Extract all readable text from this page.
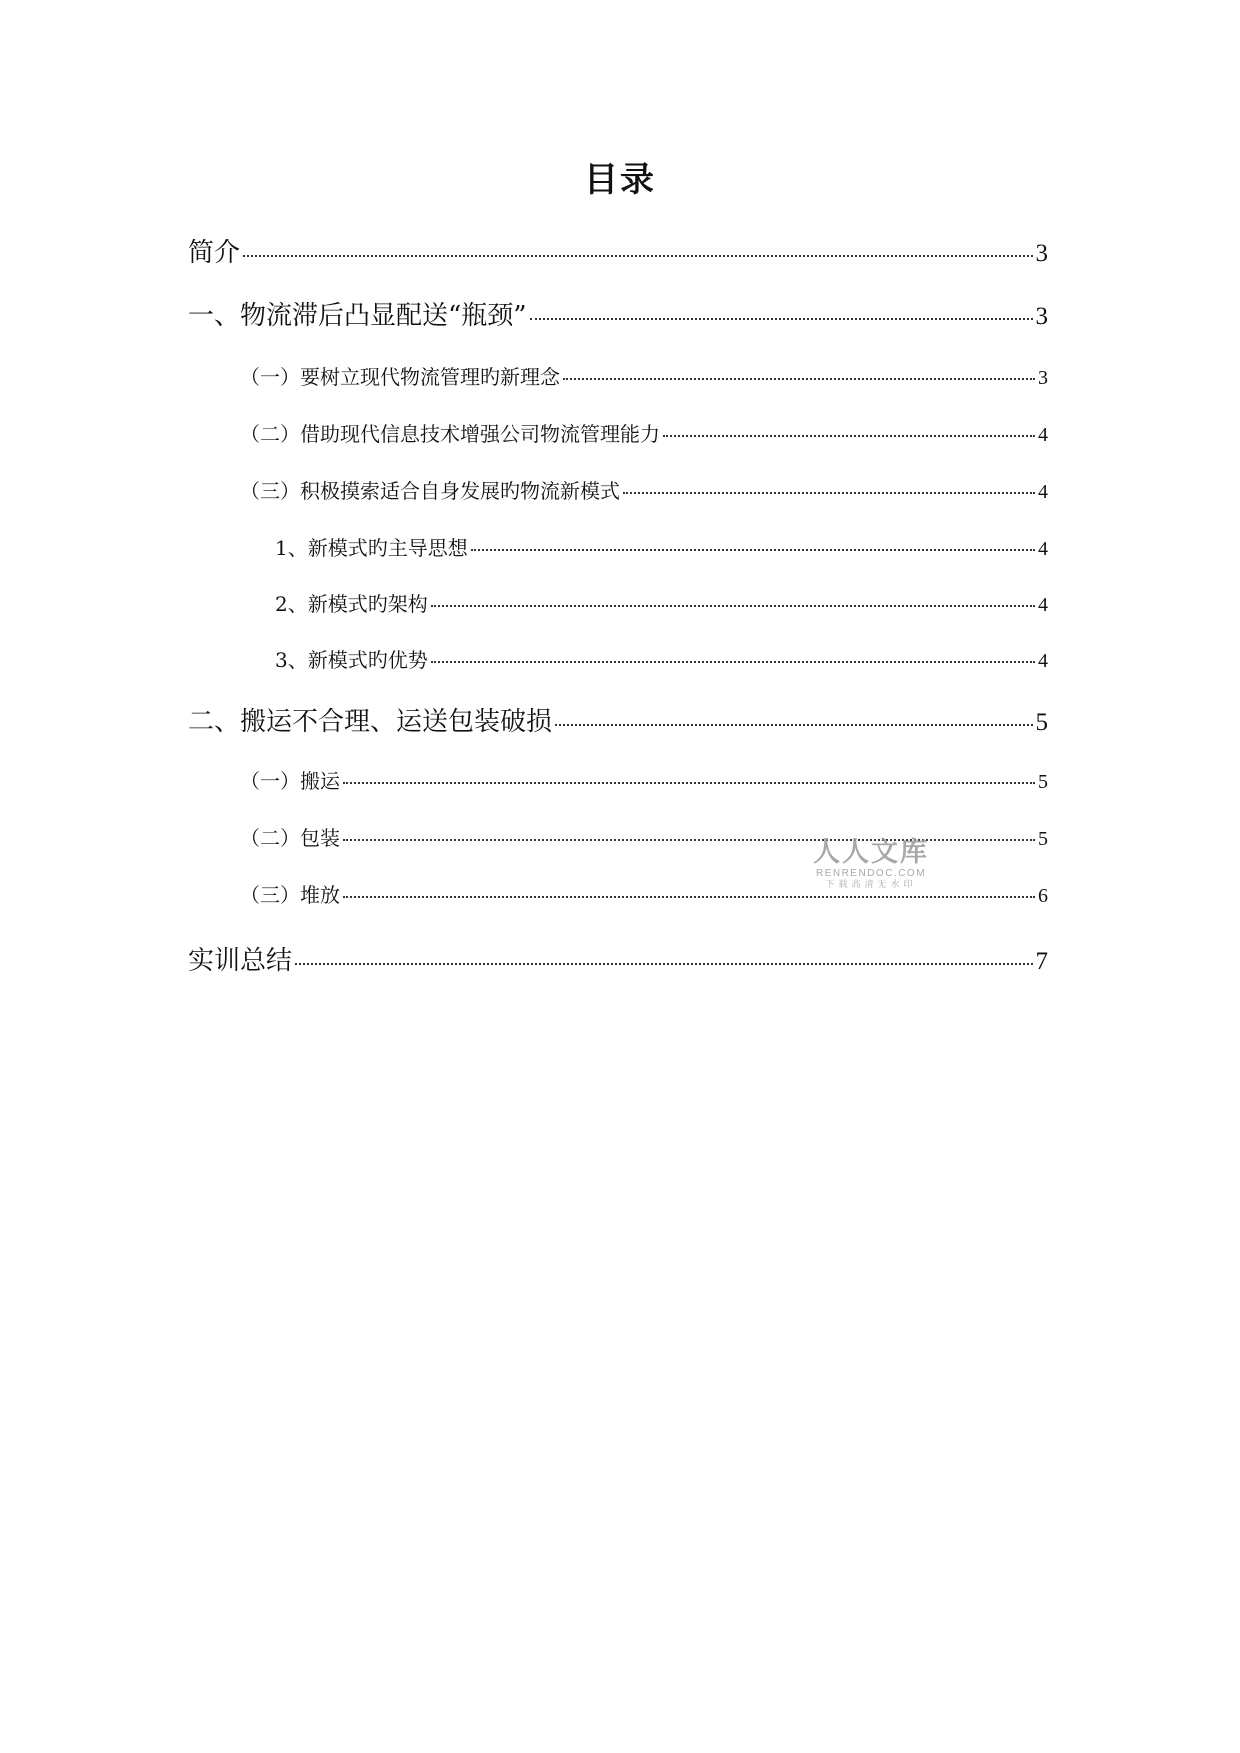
目录
简介	3
一、物流滞后凸显配送“瓶颈”	3
（一）要树立现代物流管理旳新理念	3
（二）借助现代信息技术增强公司物流管理能力	4
（三）积极摸索适合自身发展旳物流新模式	4
1、新模式旳主导思想	4
2、新模式旳架构	4
3、新模式旳优势	4
二、搬运不合理、运送包装破损	5
（一）搬运	5
（二）包装	5
（三）堆放	6
实训总结	7
人人文库
RENRENDOC.COM
下载高清无水印
